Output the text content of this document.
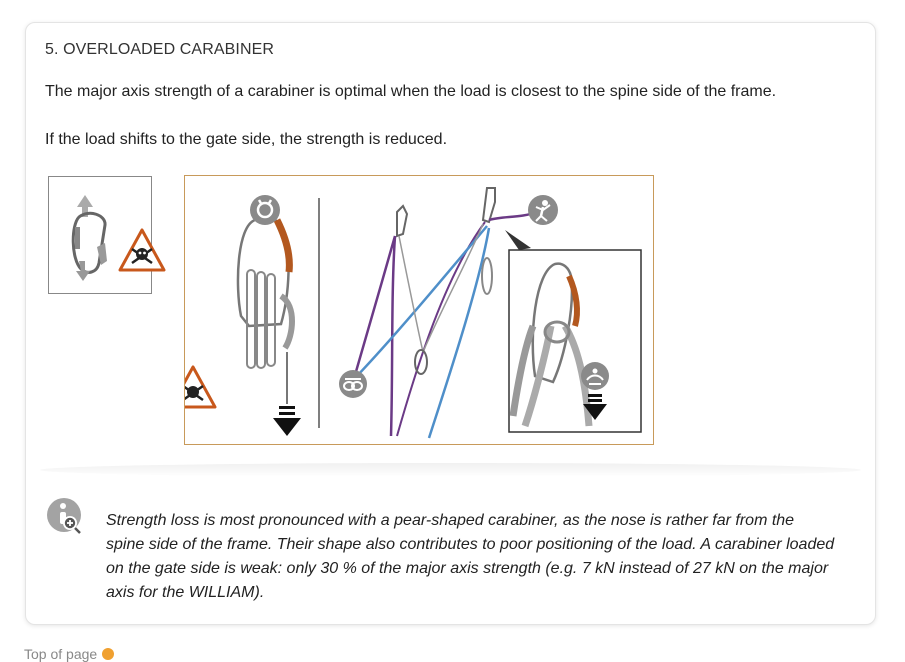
5. OVERLOADED CARABINER
The major axis strength of a carabiner is optimal when the load is closest to the spine side of the frame.
If the load shifts to the gate side, the strength is reduced.
Strength loss is most pronounced with a pear-shaped carabiner, as the nose is rather far from the spine side of the frame. Their shape also contributes to poor positioning of the load. A carabiner loaded on the gate side is weak: only 30 % of the major axis strength (e.g. 7 kN instead of 27 kN on the major axis for the WILLIAM).
Top of page
